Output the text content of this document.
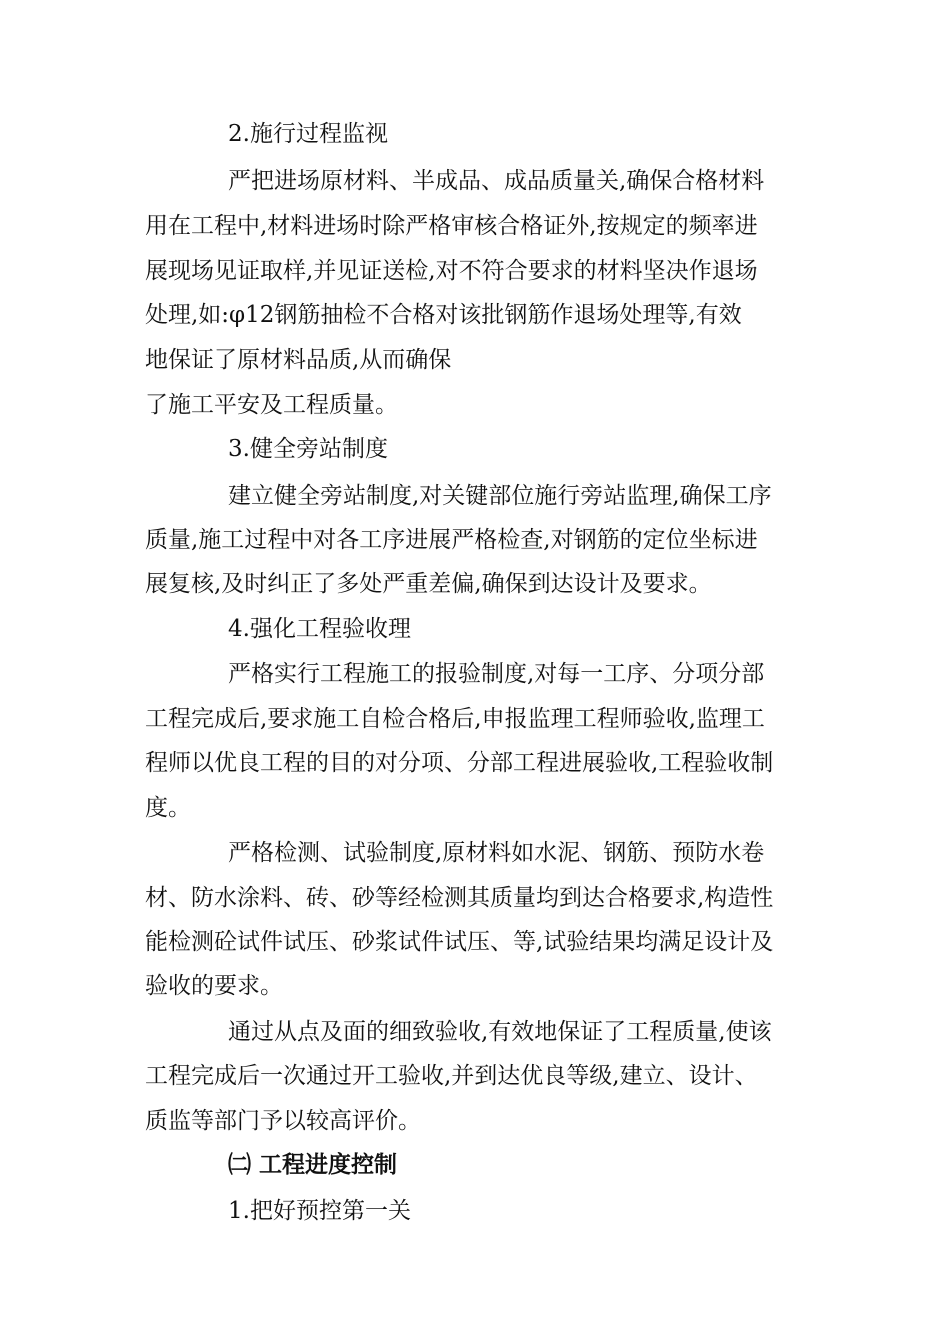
2.施行过程监视
严把进场原材料、半成品、成品质量关,确保合格材料
用在工程中,材料进场时除严格审核合格证外,按规定的频率进
展现场见证取样,并见证送检,对不符合要求的材料坚决作退场
处理,如:φ12钢筋抽检不合格对该批钢筋作退场处理等,有效
地保证了原材料品质,从而确保
了施工平安及工程质量。
3.健全旁站制度
建立健全旁站制度,对关键部位施行旁站监理,确保工序
质量,施工过程中对各工序进展严格检查,对钢筋的定位坐标进
展复核,及时纠正了多处严重差偏,确保到达设计及要求。
4.强化工程验收理
严格实行工程施工的报验制度,对每一工序、分项分部
工程完成后,要求施工自检合格后,申报监理工程师验收,监理工
程师以优良工程的目的对分项、分部工程进展验收,工程验收制
度。
严格检测、试验制度,原材料如水泥、钢筋、预防水卷
材、防水涂料、砖、砂等经检测其质量均到达合格要求,构造性
能检测砼试件试压、砂浆试件试压、等,试验结果均满足设计及
验收的要求。
通过从点及面的细致验收,有效地保证了工程质量,使该
工程完成后一次通过开工验收,并到达优良等级,建立、设计、
质监等部门予以较高评价。
㈡ 工程进度控制
1.把好预控第一关
